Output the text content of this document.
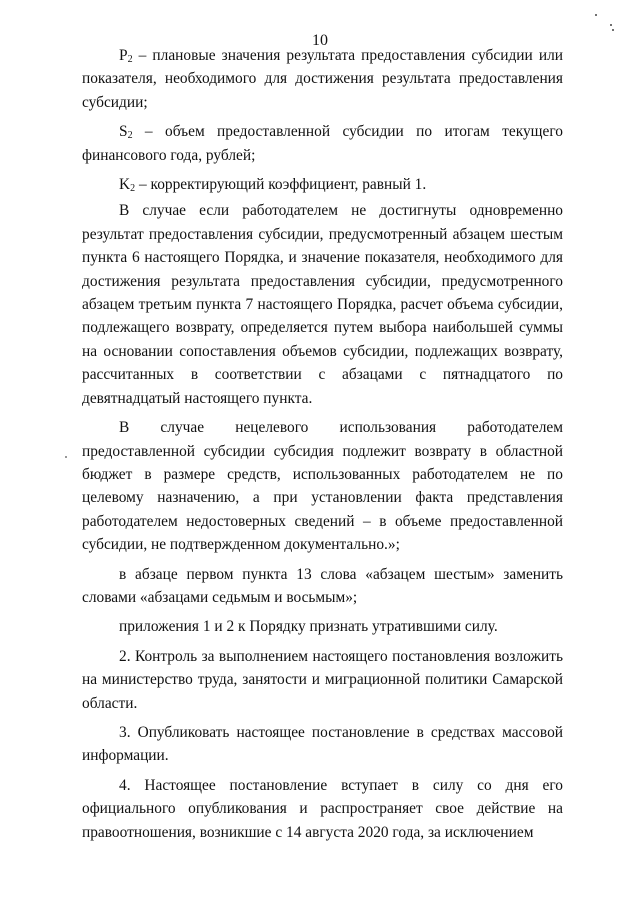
10

$P_2$ – плановые значения результата предоставления субсидии или показателя, необходимого для достижения результата предоставления субсидии;

$S_2$ – объем предоставленной субсидии по итогам текущего финансового года, рублей;

$K_2$ – корректирующий коэффициент, равный 1.

В случае если работодателем не достигнуты одновременно результат предоставления субсидии, предусмотренный абзацем шестым пункта 6 настоящего Порядка, и значение показателя, необходимого для достижения результата предоставления субсидии, предусмотренного абзацем третьим пункта 7 настоящего Порядка, расчет объема субсидии, подлежащего возврату, определяется путем выбора наибольшей суммы на основании сопоставления объемов субсидии, подлежащих возврату, рассчитанных в соответствии с абзацами с пятнадцатого по девятнадцатый настоящего пункта.

В случае нецелевого использования работодателем предоставленной субсидии субсидия подлежит возврату в областной бюджет в размере средств, использованных работодателем не по целевому назначению, а при установлении факта представления работодателем недостоверных сведений – в объеме предоставленной субсидии, не подтвержденном документально.»;

в абзаце первом пункта 13 слова «абзацем шестым» заменить словами «абзацами седьмым и восьмым»;

приложения 1 и 2 к Порядку признать утратившими силу.

2. Контроль за выполнением настоящего постановления возложить на министерство труда, занятости и миграционной политики Самарской области.

3. Опубликовать настоящее постановление в средствах массовой информации.

4. Настоящее постановление вступает в силу со дня его официального опубликования и распространяет свое действие на правоотношения, возникшие с 14 августа 2020 года, за исключением
